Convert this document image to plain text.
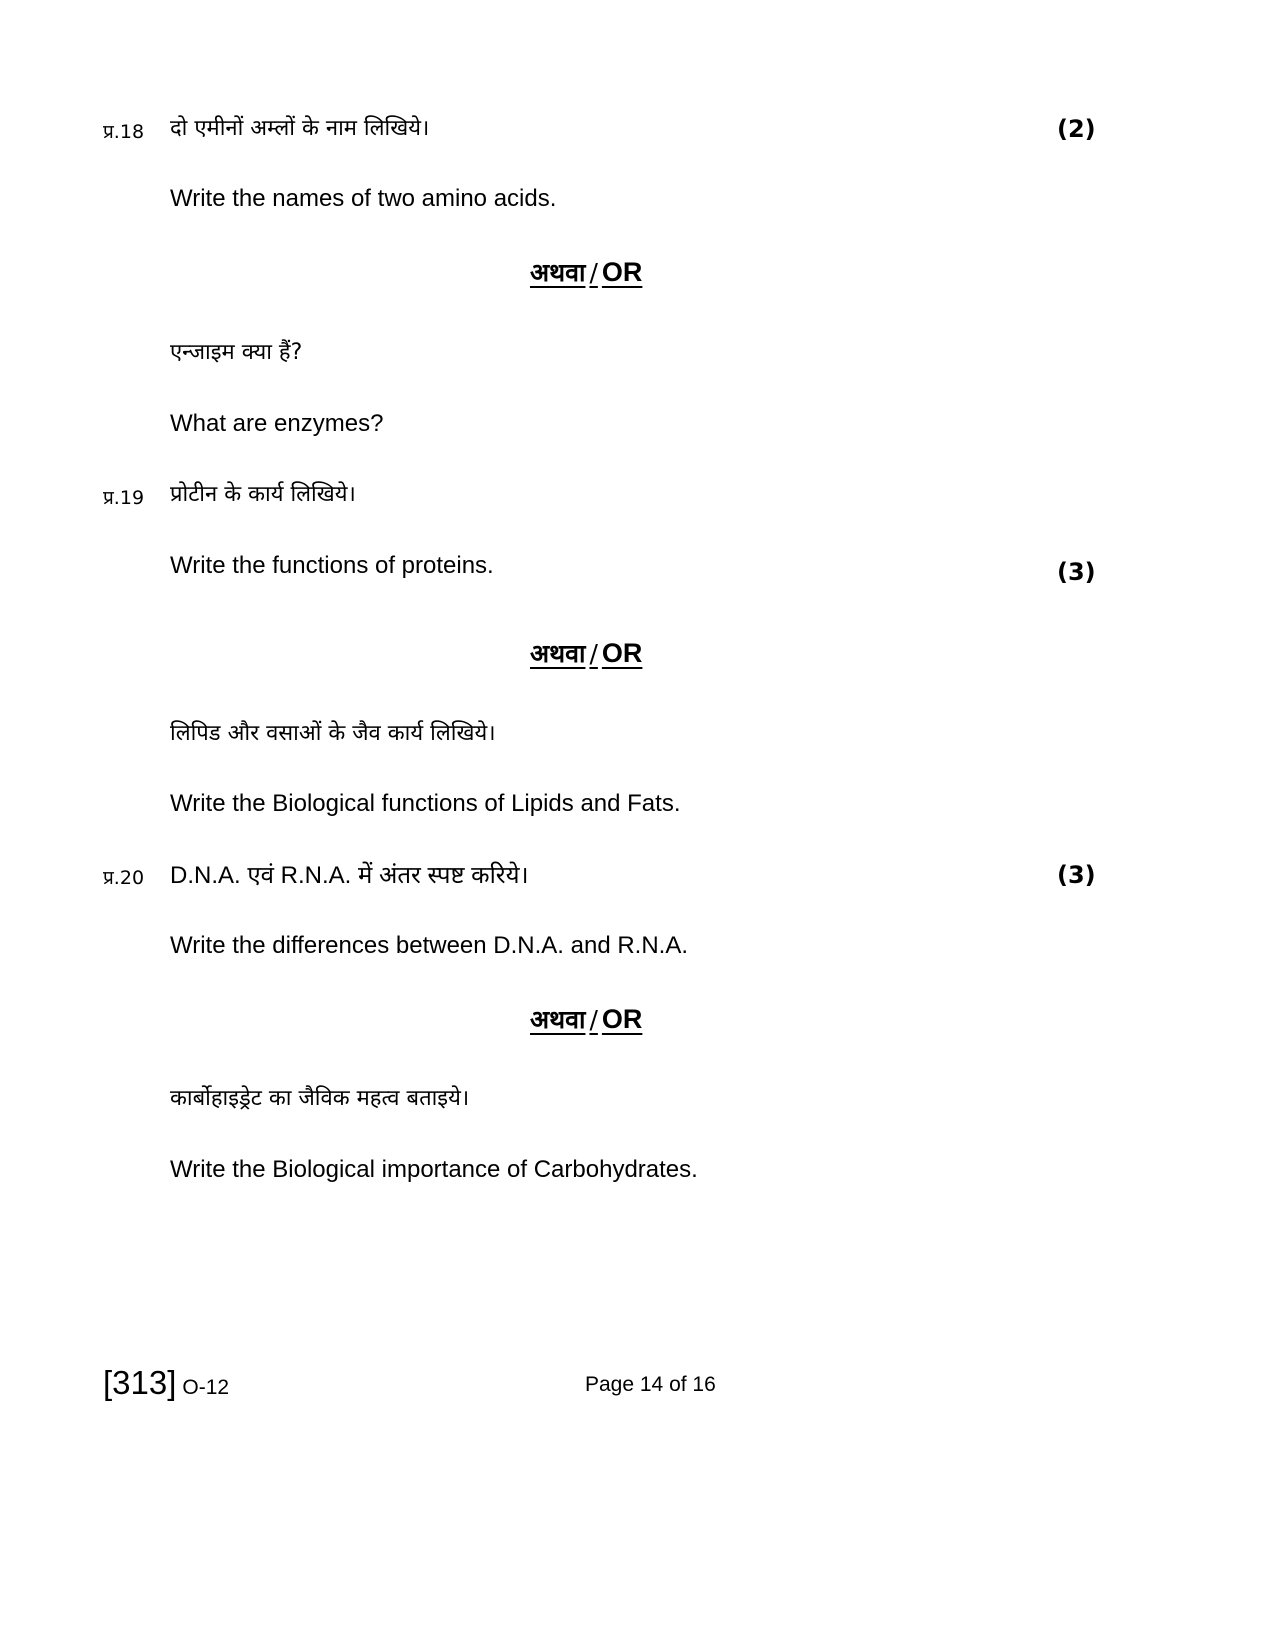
प्र.18 दो एमीनों अम्लों के नाम लिखिये।	(2)
Write the names of two amino acids.
अथवा / OR
एन्जाइम क्या हैं?
What are enzymes?
प्र.19 प्रोटीन के कार्य लिखिये।
Write the functions of proteins.	(3)
अथवा / OR
लिपिड और वसाओं के जैव कार्य लिखिये।
Write the Biological functions of Lipids and Fats.
प्र.20 D.N.A. एवं R.N.A. में अंतर स्पष्ट करिये।	(3)
Write the differences between D.N.A. and R.N.A.
अथवा / OR
कार्बोहाइड्रेट का जैविक महत्व बताइये।
Write the Biological importance of Carbohydrates.
[313] O-12	Page 14 of 16
